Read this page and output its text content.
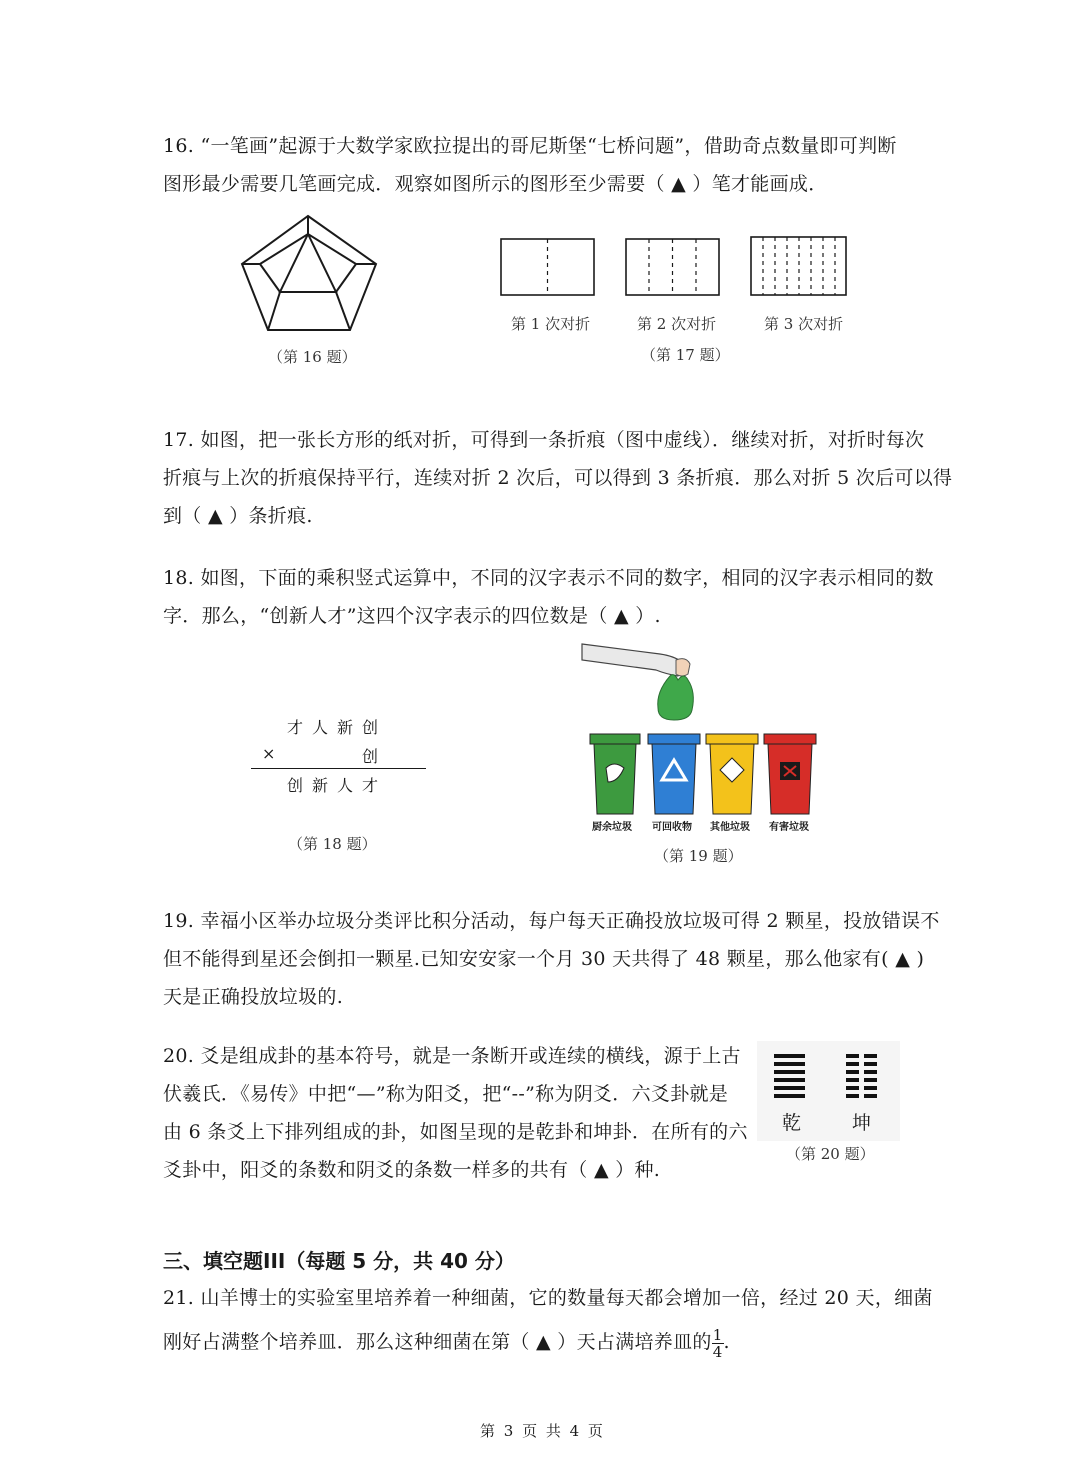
16. “一笔画”起源于大数学家欧拉提出的哥尼斯堡“七桥问题”，借助奇点数量即可判断
图形最少需要几笔画完成．观察如图所示的图形至少需要（ ▲ ）笔才能画成．
（第 16 题）
第 1 次对折	第 2 次对折	第 3 次对折
（第 17 题）
17. 如图，把一张长方形的纸对折，可得到一条折痕（图中虚线）．继续对折，对折时每次
折痕与上次的折痕保持平行，连续对折 2 次后，可以得到 3 条折痕．那么对折 5 次后可以得
到（ ▲ ）条折痕.
18. 如图，下面的乘积竖式运算中，不同的汉字表示不同的数字，相同的汉字表示相同的数
字．那么，“创新人才”这四个汉字表示的四位数是（ ▲ ）.
才人新创
×	创
创新人才
（第 18 题）
厨余垃圾 可回收物 其他垃圾 有害垃圾
（第 19 题）
19. 幸福小区举办垃圾分类评比积分活动，每户每天正确投放垃圾可得 2 颗星，投放错误不
但不能得到星还会倒扣一颗星.已知安安家一个月 30 天共得了 48 颗星，那么他家有( ▲ )
天是正确投放垃圾的.
20. 爻是组成卦的基本符号，就是一条断开或连续的横线，源于上古
伏羲氏．《易传》中把“—”称为阳爻，把“--”称为阴爻．六爻卦就是
由 6 条爻上下排列组成的卦，如图呈现的是乾卦和坤卦．在所有的六
爻卦中，阳爻的条数和阴爻的条数一样多的共有（ ▲ ）种.
乾	坤
（第 20 题）
三、填空题III（每题 5 分，共 40 分）
21. 山羊博士的实验室里培养着一种细菌，它的数量每天都会增加一倍，经过 20 天，细菌
刚好占满整个培养皿．那么这种细菌在第（ ▲ ）天占满培养皿的 $\frac{1}{4}$ .
第 3 页 共 4 页
